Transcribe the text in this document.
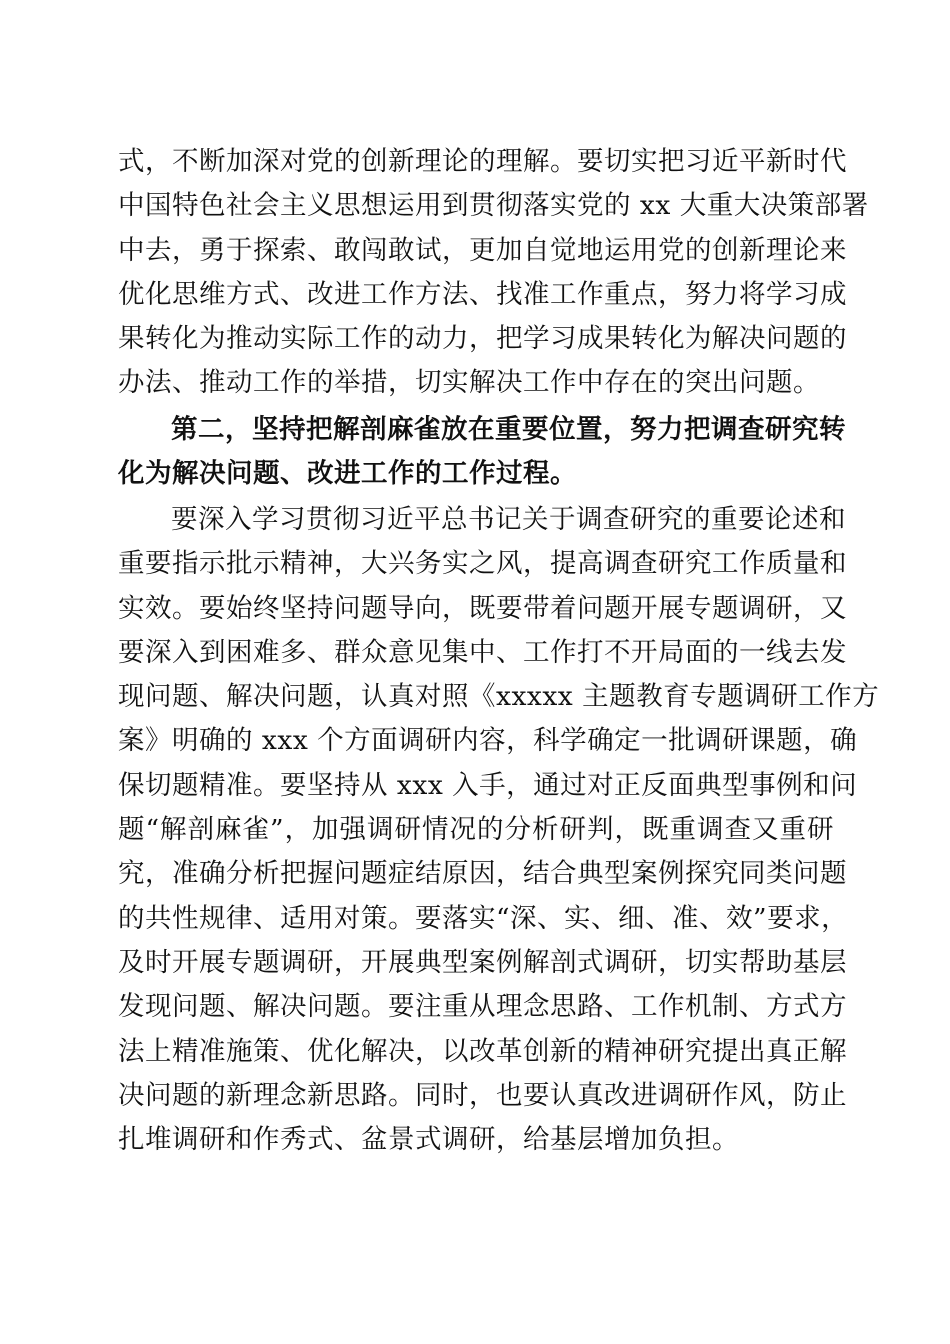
式，不断加深对党的创新理论的理解。要切实把习近平新时代
中国特色社会主义思想运用到贯彻落实党的 xx 大重大决策部署
中去，勇于探索、敢闯敢试，更加自觉地运用党的创新理论来
优化思维方式、改进工作方法、找准工作重点，努力将学习成
果转化为推动实际工作的动力，把学习成果转化为解决问题的
办法、推动工作的举措，切实解决工作中存在的突出问题。
第二，坚持把解剖麻雀放在重要位置，努力把调查研究转
化为解决问题、改进工作的工作过程。
要深入学习贯彻习近平总书记关于调查研究的重要论述和
重要指示批示精神，大兴务实之风，提高调查研究工作质量和
实效。要始终坚持问题导向，既要带着问题开展专题调研，又
要深入到困难多、群众意见集中、工作打不开局面的一线去发
现问题、解决问题，认真对照《xxxxx 主题教育专题调研工作方
案》明确的 xxx 个方面调研内容，科学确定一批调研课题，确
保切题精准。要坚持从 xxx 入手，通过对正反面典型事例和问
题“解剖麻雀”，加强调研情况的分析研判，既重调查又重研
究，准确分析把握问题症结原因，结合典型案例探究同类问题
的共性规律、适用对策。要落实“深、实、细、准、效”要求，
及时开展专题调研，开展典型案例解剖式调研，切实帮助基层
发现问题、解决问题。要注重从理念思路、工作机制、方式方
法上精准施策、优化解决，以改革创新的精神研究提出真正解
决问题的新理念新思路。同时，也要认真改进调研作风，防止
扎堆调研和作秀式、盆景式调研，给基层增加负担。
